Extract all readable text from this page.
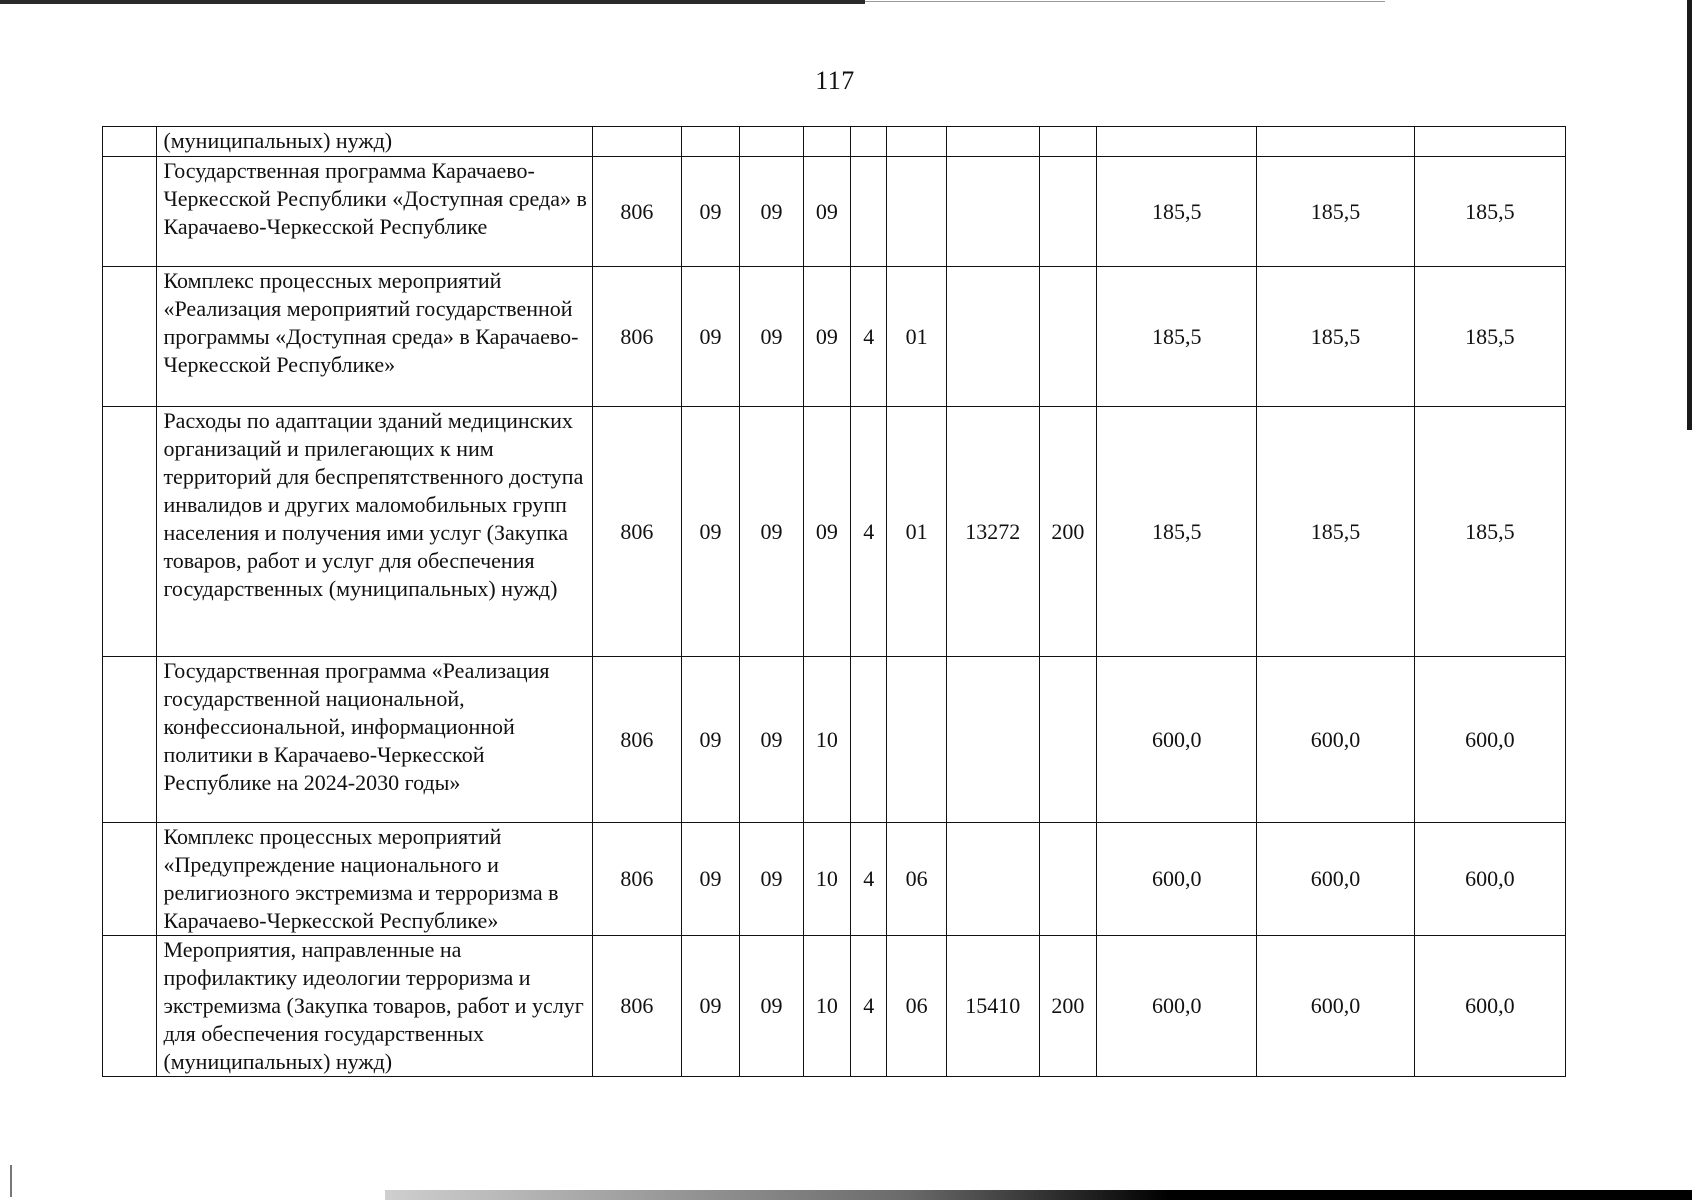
117
	(муниципальных) нужд)											
	Государственная программа Карачаево-Черкесской Республики «Доступная среда» в Карачаево-Черкесской Республике	806	09	09	09					185,5	185,5	185,5
	Комплекс процессных мероприятий «Реализация мероприятий государственной программы «Доступная среда» в Карачаево-Черкесской Республике»	806	09	09	09	4	01			185,5	185,5	185,5
	Расходы по адаптации зданий медицинских организаций и прилегающих к ним территорий для беспрепятственного доступа инвалидов и других маломобильных групп населения и получения ими услуг (Закупка товаров, работ и услуг для обеспечения государственных (муниципальных) нужд)	806	09	09	09	4	01	13272	200	185,5	185,5	185,5
	Государственная программа «Реализация государственной национальной, конфессиональной, информационной политики в Карачаево-Черкесской Республике на 2024-2030 годы»	806	09	09	10					600,0	600,0	600,0
	Комплекс процессных мероприятий «Предупреждение национального и религиозного экстремизма и терроризма в Карачаево-Черкесской Республике»	806	09	09	10	4	06			600,0	600,0	600,0
	Мероприятия, направленные на профилактику идеологии терроризма и экстремизма (Закупка товаров, работ и услуг для обеспечения государственных (муниципальных) нужд)	806	09	09	10	4	06	15410	200	600,0	600,0	600,0
